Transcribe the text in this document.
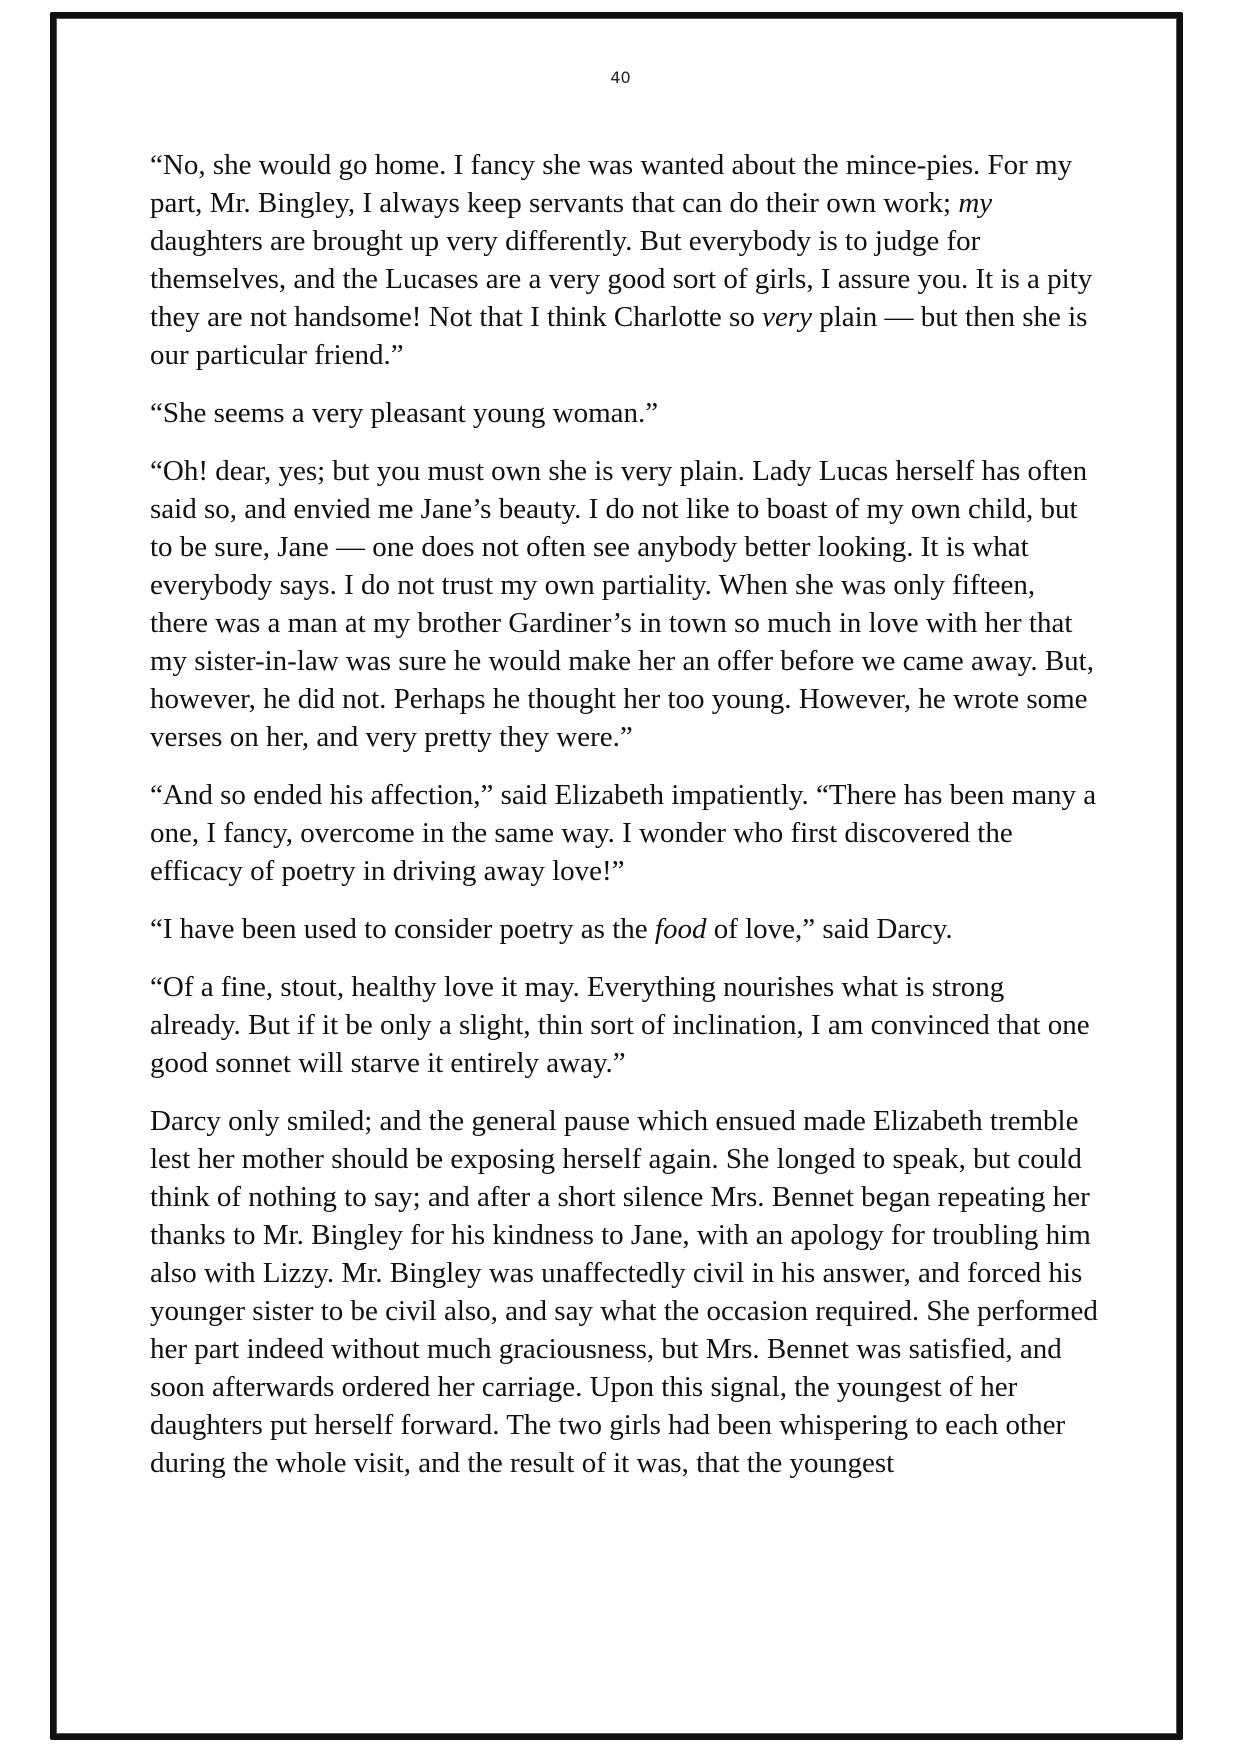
40

“No, she would go home. I fancy she was wanted about the mince-pies. For my part, Mr. Bingley, I always keep servants that can do their own work; my daughters are brought up very differently. But everybody is to judge for themselves, and the Lucases are a very good sort of girls, I assure you. It is a pity they are not handsome! Not that I think Charlotte so very plain — but then she is our particular friend.”

“She seems a very pleasant young woman.”

“Oh! dear, yes; but you must own she is very plain. Lady Lucas herself has often said so, and envied me Jane’s beauty. I do not like to boast of my own child, but to be sure, Jane — one does not often see anybody better looking. It is what everybody says. I do not trust my own partiality. When she was only fifteen, there was a man at my brother Gardiner’s in town so much in love with her that my sister-in-law was sure he would make her an offer before we came away. But, however, he did not. Perhaps he thought her too young. However, he wrote some verses on her, and very pretty they were.”

“And so ended his affection,” said Elizabeth impatiently. “There has been many a one, I fancy, overcome in the same way. I wonder who first discovered the efficacy of poetry in driving away love!”

“I have been used to consider poetry as the food of love,” said Darcy.

“Of a fine, stout, healthy love it may. Everything nourishes what is strong already. But if it be only a slight, thin sort of inclination, I am convinced that one good sonnet will starve it entirely away.”

Darcy only smiled; and the general pause which ensued made Elizabeth tremble lest her mother should be exposing herself again. She longed to speak, but could think of nothing to say; and after a short silence Mrs. Bennet began repeating her thanks to Mr. Bingley for his kindness to Jane, with an apology for troubling him also with Lizzy. Mr. Bingley was unaffectedly civil in his answer, and forced his younger sister to be civil also, and say what the occasion required. She performed her part indeed without much graciousness, but Mrs. Bennet was satisfied, and soon afterwards ordered her carriage. Upon this signal, the youngest of her daughters put herself forward. The two girls had been whispering to each other during the whole visit, and the result of it was, that the youngest
